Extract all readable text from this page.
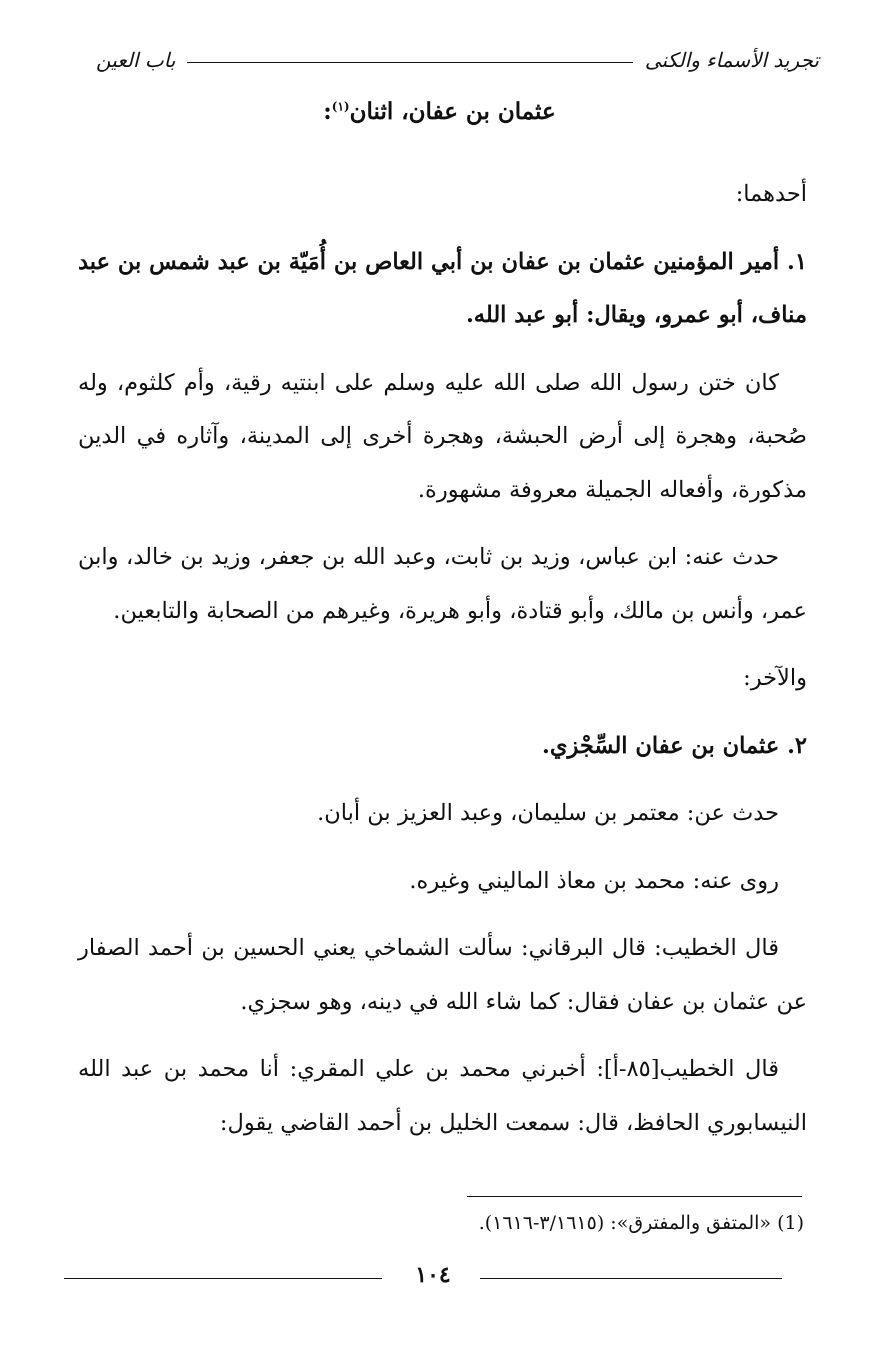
تجريد الأسماء والكنى
باب العين
عثمان بن عفان، اثنان$^{(١)}$:

أحدهما:

١. أمير المؤمنين عثمان بن عفان بن أبي العاص بن أُمَيّة بن عبد شمس بن عبد مناف، أبو عمرو، ويقال: أبو عبد الله.

كان ختن رسول الله صلى الله عليه وسلم على ابنتيه رقية، وأم كلثوم، وله صُحبة، وهجرة إلى أرض الحبشة، وهجرة أخرى إلى المدينة، وآثاره في الدين مذكورة، وأفعاله الجميلة معروفة مشهورة.

حدث عنه: ابن عباس، وزيد بن ثابت، وعبد الله بن جعفر، وزيد بن خالد، وابن عمر، وأنس بن مالك، وأبو قتادة، وأبو هريرة، وغيرهم من الصحابة والتابعين.

والآخر:

٢. عثمان بن عفان السِّجْزي.

حدث عن: معتمر بن سليمان، وعبد العزيز بن أبان.

روى عنه: محمد بن معاذ الماليني وغيره.

قال الخطيب: قال البرقاني: سألت الشماخي يعني الحسين بن أحمد الصفار عن عثمان بن عفان فقال: كما شاء الله في دينه، وهو سجزي.

قال الخطيب[٨٥-أ]: أخبرني محمد بن علي المقري: أنا محمد بن عبد الله النيسابوري الحافظ، قال: سمعت الخليل بن أحمد القاضي يقول:

(1) «المتفق والمفترق»: (٣/١٦١٥-١٦١٦).
١٠٤
